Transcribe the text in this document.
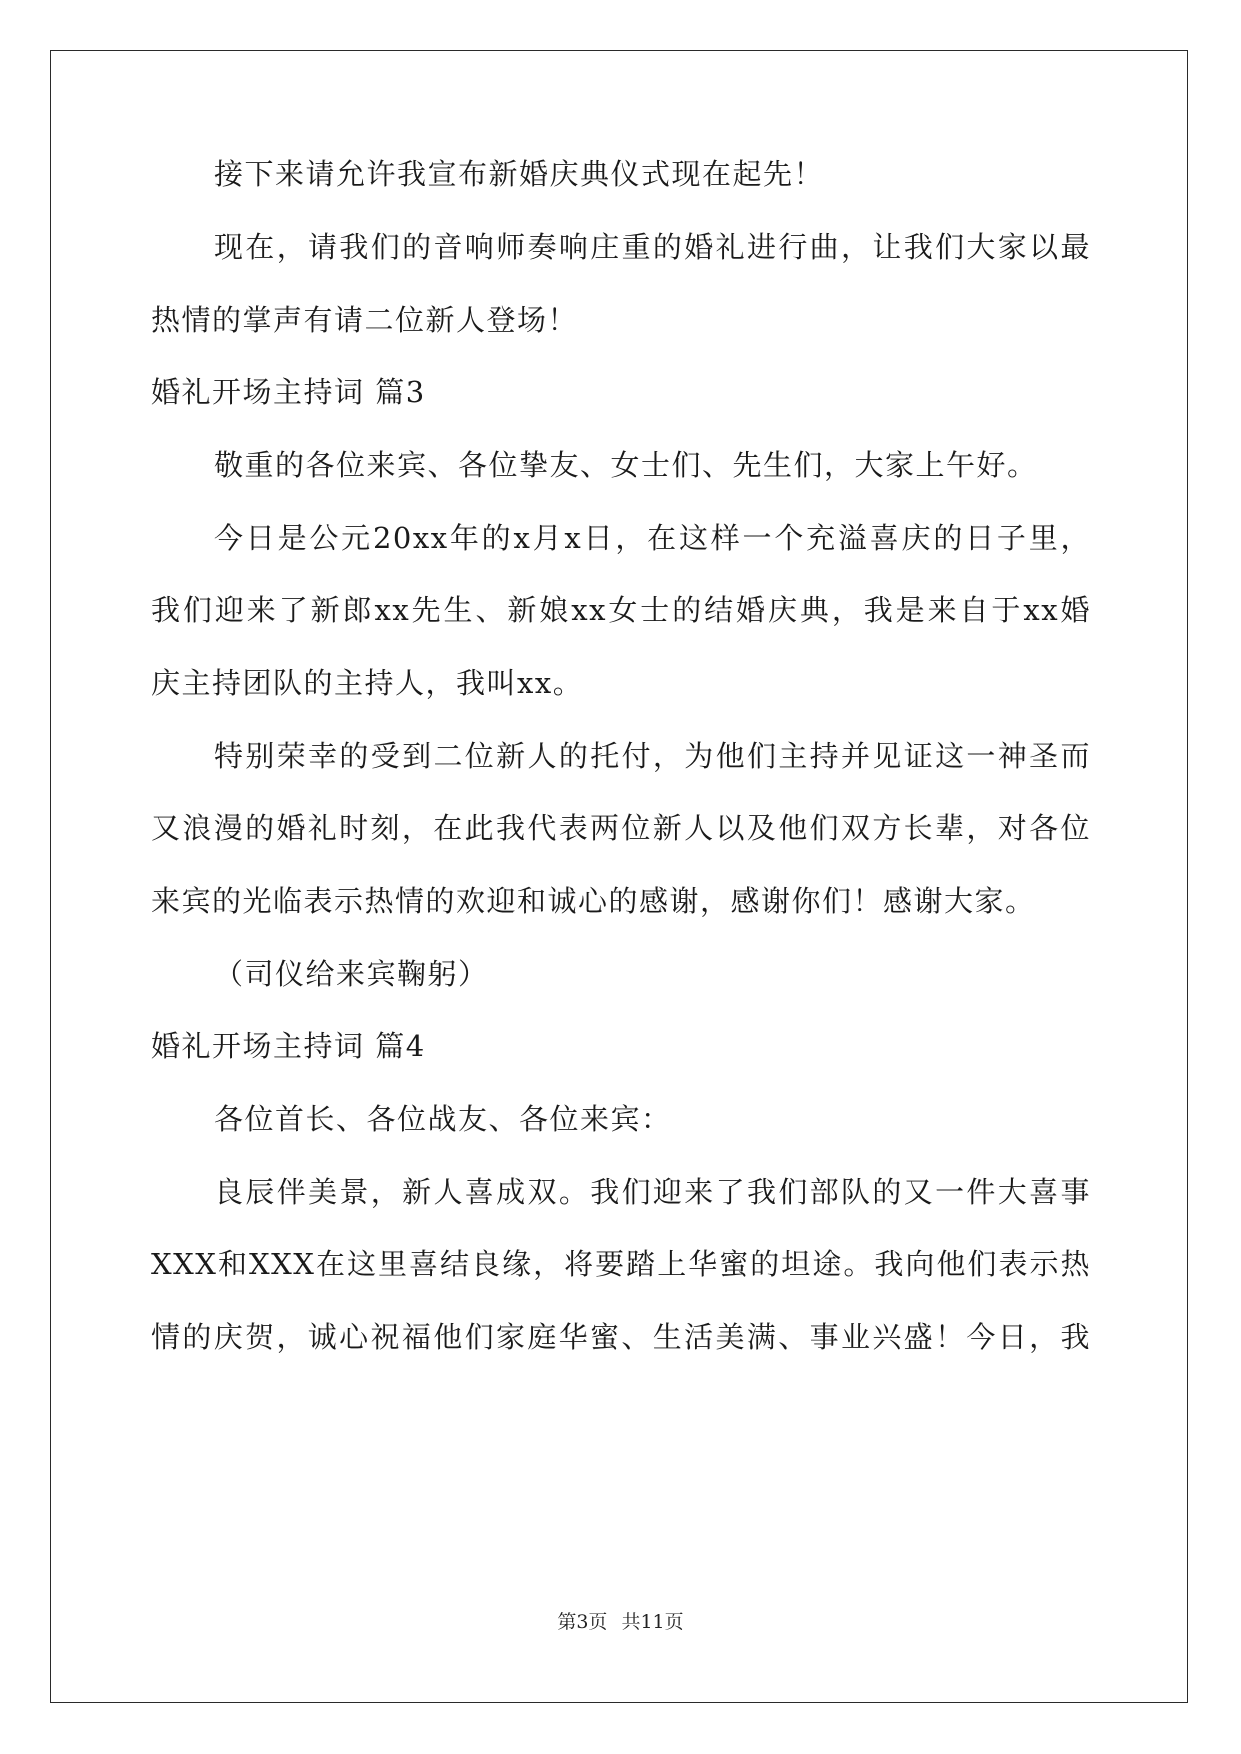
接下来请允许我宣布新婚庆典仪式现在起先！
现在，请我们的音响师奏响庄重的婚礼进行曲，让我们大家以最
热情的掌声有请二位新人登场！
婚礼开场主持词 篇3
敬重的各位来宾、各位挚友、女士们、先生们，大家上午好。
今日是公元20xx年的x月x日，在这样一个充溢喜庆的日子里，
我们迎来了新郎xx先生、新娘xx女士的结婚庆典，我是来自于xx婚
庆主持团队的主持人，我叫xx。
特别荣幸的受到二位新人的托付，为他们主持并见证这一神圣而
又浪漫的婚礼时刻，在此我代表两位新人以及他们双方长辈，对各位
来宾的光临表示热情的欢迎和诚心的感谢，感谢你们！感谢大家。
（司仪给来宾鞠躬）
婚礼开场主持词 篇4
各位首长、各位战友、各位来宾：
良辰伴美景，新人喜成双。我们迎来了我们部队的又一件大喜事
XXX和XXX在这里喜结良缘，将要踏上华蜜的坦途。我向他们表示热
情的庆贺，诚心祝福他们家庭华蜜、生活美满、事业兴盛！今日，我
第3页 共11页
